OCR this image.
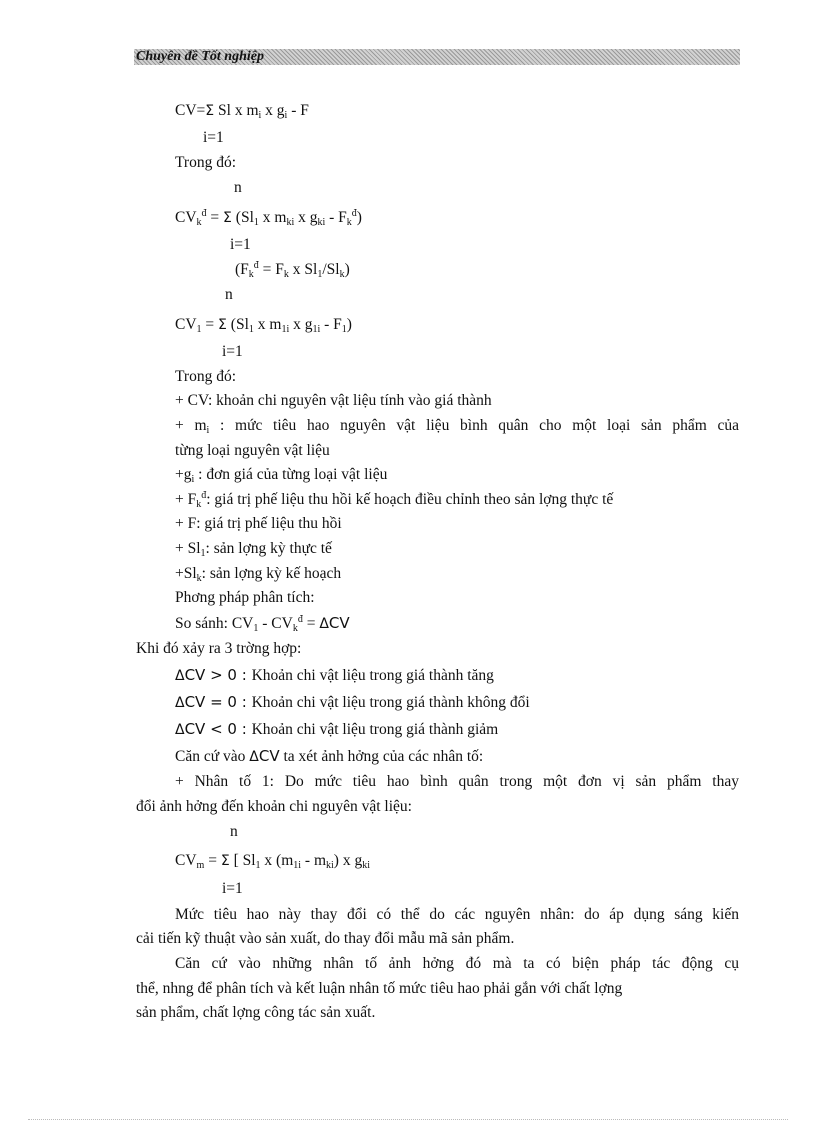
Chuyên đề Tốt nghiệp
CV=Σ Sl x $m_i$ x $g_i$ - F
i=1
Trong đó:
n
$CV_k^đ = \Sigma$ ($Sl_1$ x $m_{ki}$ x $g_{ki} - F_k^đ$)
i=1
($F_k^đ = F_k$ x $Sl_1/Sl_k$)
n
$CV_1 = \Sigma$ ($Sl_1$ x $m_{1i}$ x $g_{1i} - F_1$)
i=1
Trong đó:
+ CV: khoản chi nguyên vật liệu tính vào giá thành
+ $m_i$ : mức tiêu hao nguyên vật liệu bình quân cho một loại sản phẩm của
từng loại nguyên vật liệu
$+g_i$ : đơn giá của từng loại vật liệu
+ $F_k^đ$: giá trị phế liệu thu hồi kế hoạch điều chỉnh theo sản lợng thực tế
+ F: giá trị phế liệu thu hồi
+ $Sl_1$: sản lợng kỳ thực tế
$+Sl_k$: sản lợng kỳ kế hoạch
Phơng pháp phân tích:
So sánh: $CV_1 - CV_k^đ = \Delta CV$
Khi đó xảy ra 3 trờng hợp:
ΔCV > 0 : Khoản chi vật liệu trong giá thành tăng
ΔCV = 0 : Khoản chi vật liệu trong giá thành không đổi
ΔCV < 0 : Khoản chi vật liệu trong giá thành giảm
Căn cứ vào ΔCV ta xét ảnh hởng của các nhân tố:
+ Nhân tố 1: Do mức tiêu hao bình quân trong một đơn vị sản phẩm thay
đổi ảnh hởng đến khoản chi nguyên vật liệu:
n
$CV_m = \Sigma$ [ $Sl_1$ x $(m_{1i} - m_{ki})$ x $g_{ki}$
i=1
Mức tiêu hao này thay đổi có thể do các nguyên nhân: do áp dụng sáng kiến
cải tiến kỹ thuật vào sản xuất, do thay đổi mẫu mã sản phẩm.
Căn cứ vào những nhân tố ảnh hởng đó mà ta có biện pháp tác động cụ
thể, nhng để phân tích và kết luận nhân tố mức tiêu hao phải gắn với chất lợng
sản phẩm, chất lợng công tác sản xuất.
